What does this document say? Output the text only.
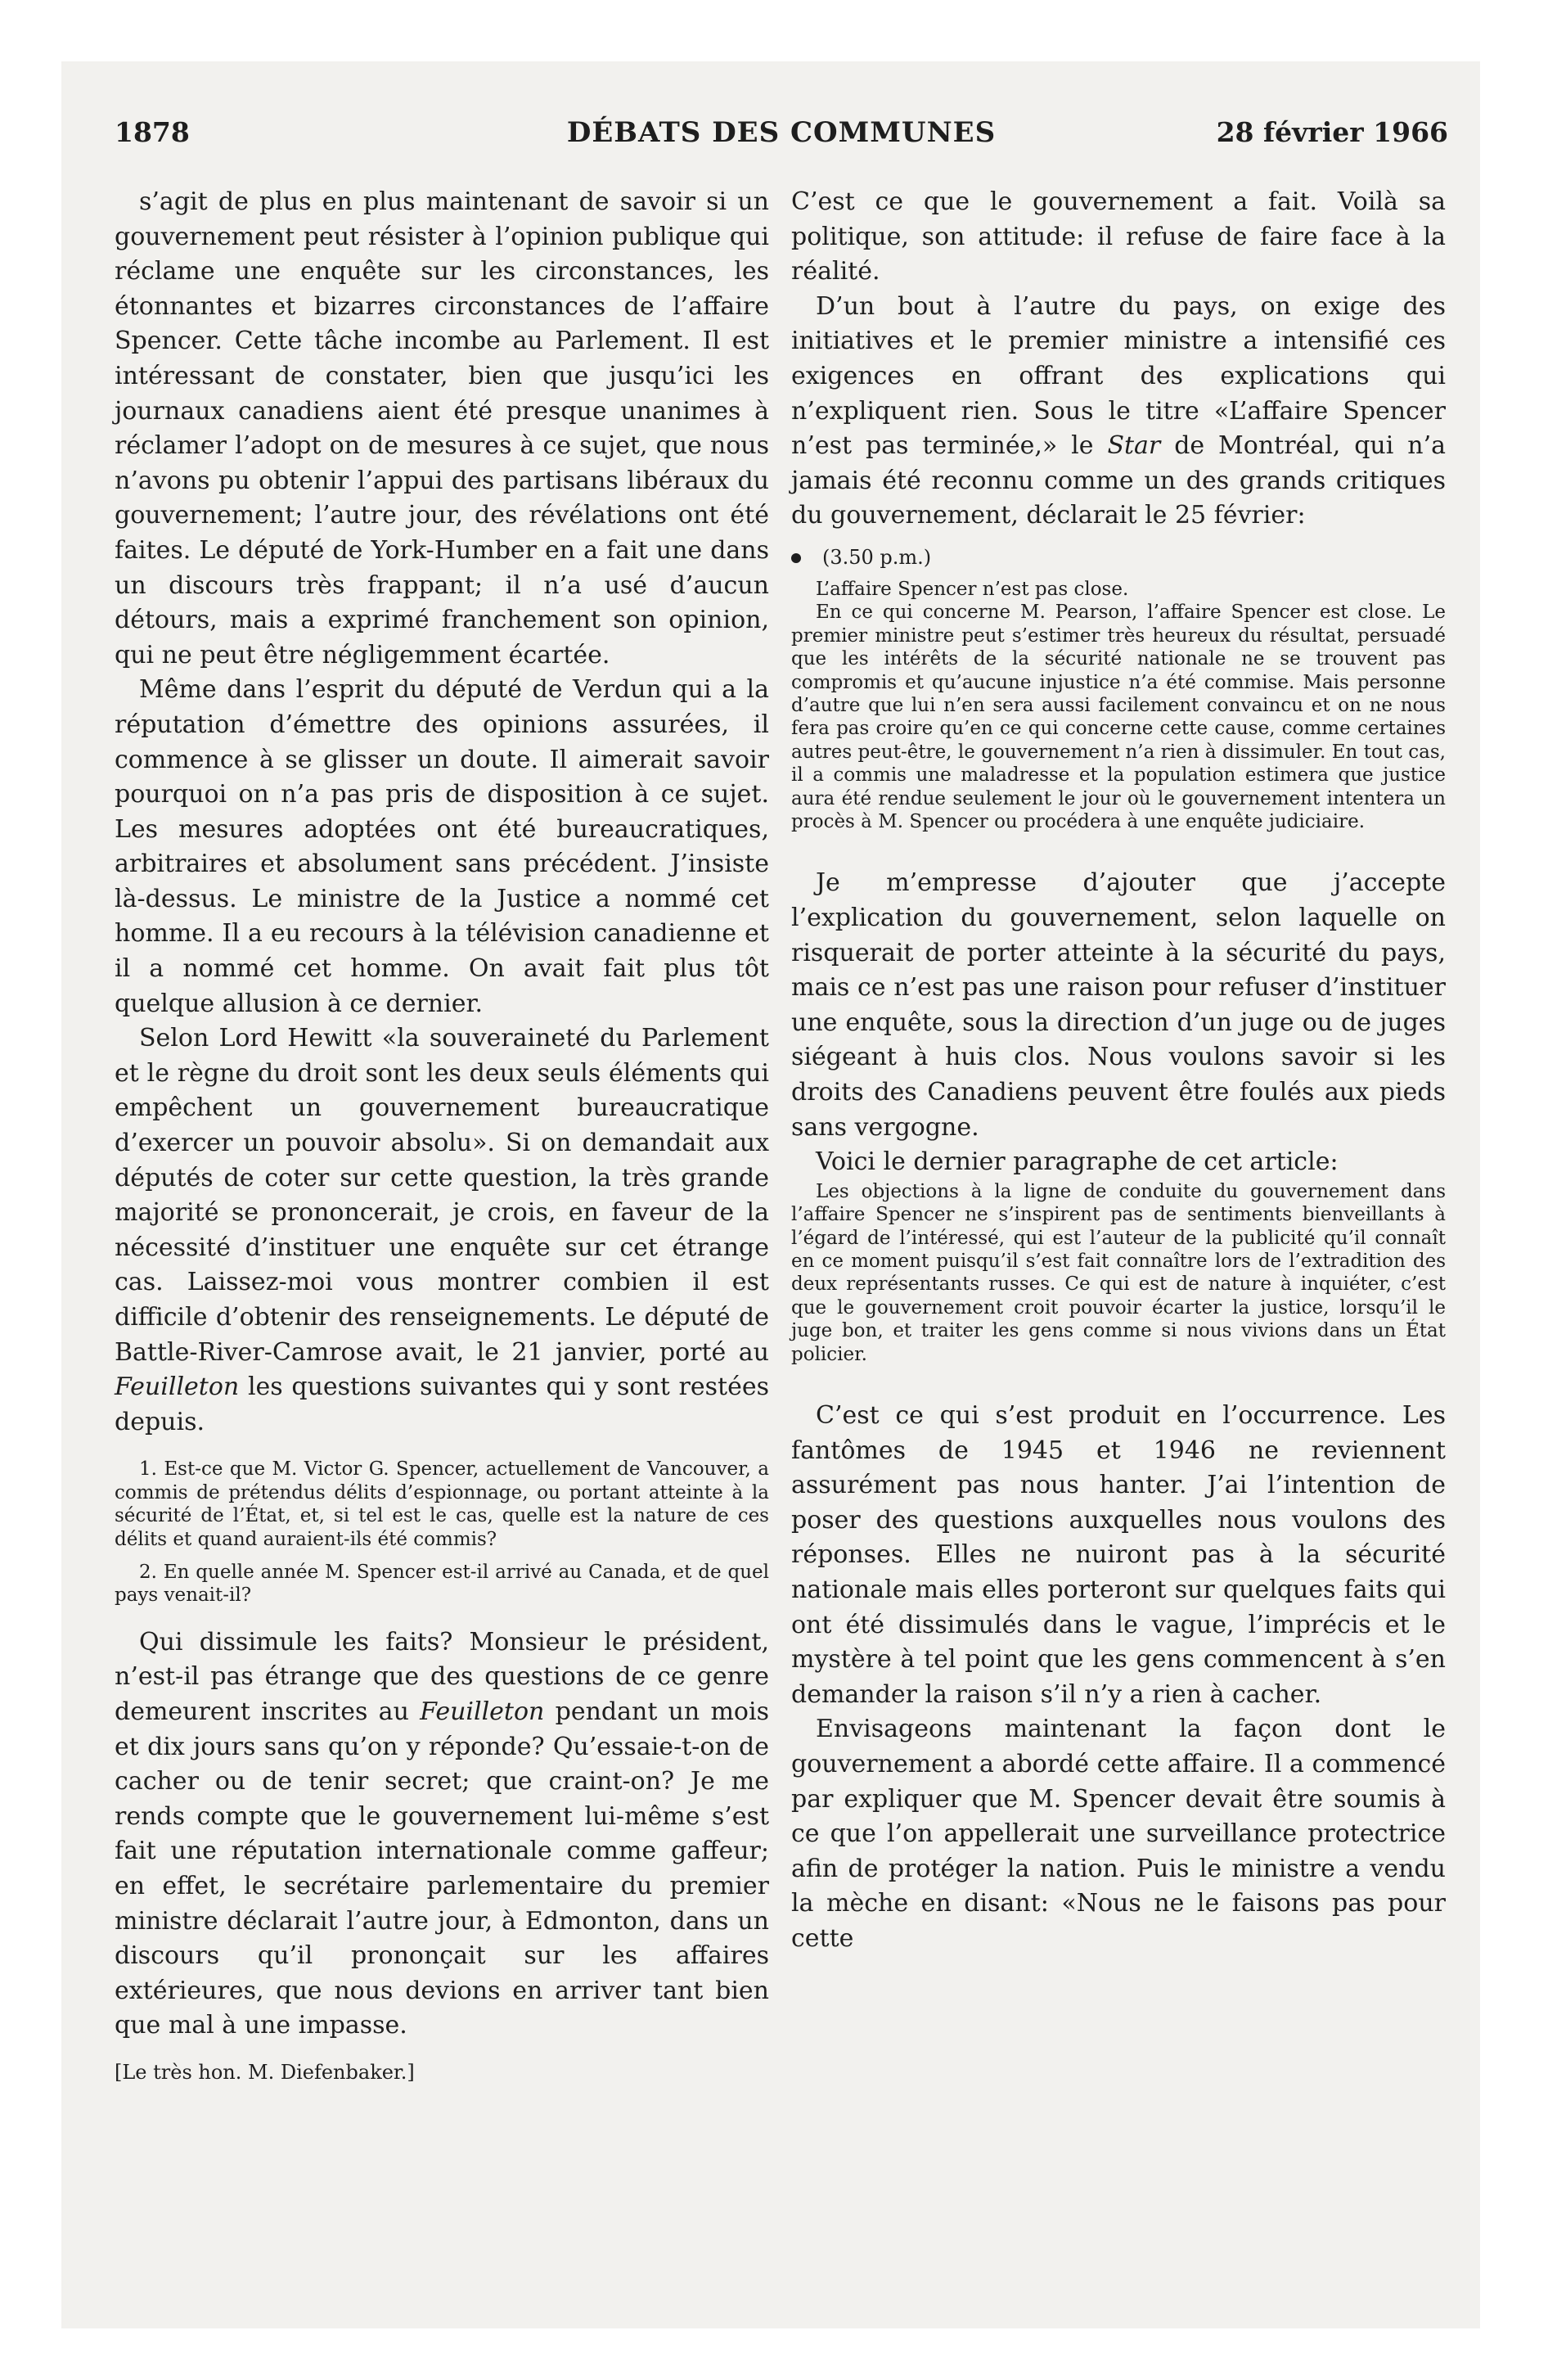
1878	DÉBATS DES COMMUNES	28 février 1966

s’agit de plus en plus maintenant de savoir si un gouvernement peut résister à l’opinion publique qui réclame une enquête sur les circonstances, les étonnantes et bizarres circonstances de l’affaire Spencer. Cette tâche incombe au Parlement. Il est intéressant de constater, bien que jusqu’ici les journaux canadiens aient été presque unanimes à réclamer l’adopt on de mesures à ce sujet, que nous n’avons pu obtenir l’appui des partisans libéraux du gouvernement; l’autre jour, des révélations ont été faites. Le député de York-Humber en a fait une dans un discours très frappant; il n’a usé d’aucun détours, mais a exprimé franchement son opinion, qui ne peut être négligemment écartée.

Même dans l’esprit du député de Verdun qui a la réputation d’émettre des opinions assurées, il commence à se glisser un doute. Il aimerait savoir pourquoi on n’a pas pris de disposition à ce sujet. Les mesures adoptées ont été bureaucratiques, arbitraires et absolument sans précédent. J’insiste là-dessus. Le ministre de la Justice a nommé cet homme. Il a eu recours à la télévision canadienne et il a nommé cet homme. On avait fait plus tôt quelque allusion à ce dernier.

Selon Lord Hewitt «la souveraineté du Parlement et le règne du droit sont les deux seuls éléments qui empêchent un gouvernement bureaucratique d’exercer un pouvoir absolu». Si on demandait aux députés de coter sur cette question, la très grande majorité se prononcerait, je crois, en faveur de la nécessité d’instituer une enquête sur cet étrange cas. Laissez-moi vous montrer combien il est difficile d’obtenir des renseignements. Le député de Battle-River-Camrose avait, le 21 janvier, porté au Feuilleton les questions suivantes qui y sont restées depuis.

1. Est-ce que M. Victor G. Spencer, actuellement de Vancouver, a commis de prétendus délits d’espionnage, ou portant atteinte à la sécurité de l’État, et, si tel est le cas, quelle est la nature de ces délits et quand auraient-ils été commis?

2. En quelle année M. Spencer est-il arrivé au Canada, et de quel pays venait-il?

Qui dissimule les faits? Monsieur le président, n’est-il pas étrange que des questions de ce genre demeurent inscrites au Feuilleton pendant un mois et dix jours sans qu’on y réponde? Qu’essaie-t-on de cacher ou de tenir secret; que craint-on? Je me rends compte que le gouvernement lui-même s’est fait une réputation internationale comme gaffeur; en effet, le secrétaire parlementaire du premier ministre déclarait l’autre jour, à Edmonton, dans un discours qu’il prononçait sur les affaires extérieures, que nous devions en arriver tant bien que mal à une impasse.

[Le très hon. M. Diefenbaker.]

C’est ce que le gouvernement a fait. Voilà sa politique, son attitude: il refuse de faire face à la réalité.

D’un bout à l’autre du pays, on exige des initiatives et le premier ministre a intensifié ces exigences en offrant des explications qui n’expliquent rien. Sous le titre «L’affaire Spencer n’est pas terminée,» le Star de Montréal, qui n’a jamais été reconnu comme un des grands critiques du gouvernement, déclarait le 25 février:

(3.50 p.m.)

L’affaire Spencer n’est pas close.

En ce qui concerne M. Pearson, l’affaire Spencer est close. Le premier ministre peut s’estimer très heureux du résultat, persuadé que les intérêts de la sécurité nationale ne se trouvent pas compromis et qu’aucune injustice n’a été commise. Mais personne d’autre que lui n’en sera aussi facilement convaincu et on ne nous fera pas croire qu’en ce qui concerne cette cause, comme certaines autres peut-être, le gouvernement n’a rien à dissimuler. En tout cas, il a commis une maladresse et la population estimera que justice aura été rendue seulement le jour où le gouvernement intentera un procès à M. Spencer ou procédera à une enquête judiciaire.

Je m’empresse d’ajouter que j’accepte l’explication du gouvernement, selon laquelle on risquerait de porter atteinte à la sécurité du pays, mais ce n’est pas une raison pour refuser d’instituer une enquête, sous la direction d’un juge ou de juges siégeant à huis clos. Nous voulons savoir si les droits des Canadiens peuvent être foulés aux pieds sans vergogne.

Voici le dernier paragraphe de cet article:

Les objections à la ligne de conduite du gouvernement dans l’affaire Spencer ne s’inspirent pas de sentiments bienveillants à l’égard de l’intéressé, qui est l’auteur de la publicité qu’il connaît en ce moment puisqu’il s’est fait connaître lors de l’extradition des deux représentants russes. Ce qui est de nature à inquiéter, c’est que le gouvernement croit pouvoir écarter la justice, lorsqu’il le juge bon, et traiter les gens comme si nous vivions dans un État policier.

C’est ce qui s’est produit en l’occurrence. Les fantômes de 1945 et 1946 ne reviennent assurément pas nous hanter. J’ai l’intention de poser des questions auxquelles nous voulons des réponses. Elles ne nuiront pas à la sécurité nationale mais elles porteront sur quelques faits qui ont été dissimulés dans le vague, l’imprécis et le mystère à tel point que les gens commencent à s’en demander la raison s’il n’y a rien à cacher.

Envisageons maintenant la façon dont le gouvernement a abordé cette affaire. Il a commencé par expliquer que M. Spencer devait être soumis à ce que l’on appellerait une surveillance protectrice afin de protéger la nation. Puis le ministre a vendu la mèche en disant: «Nous ne le faisons pas pour cette
